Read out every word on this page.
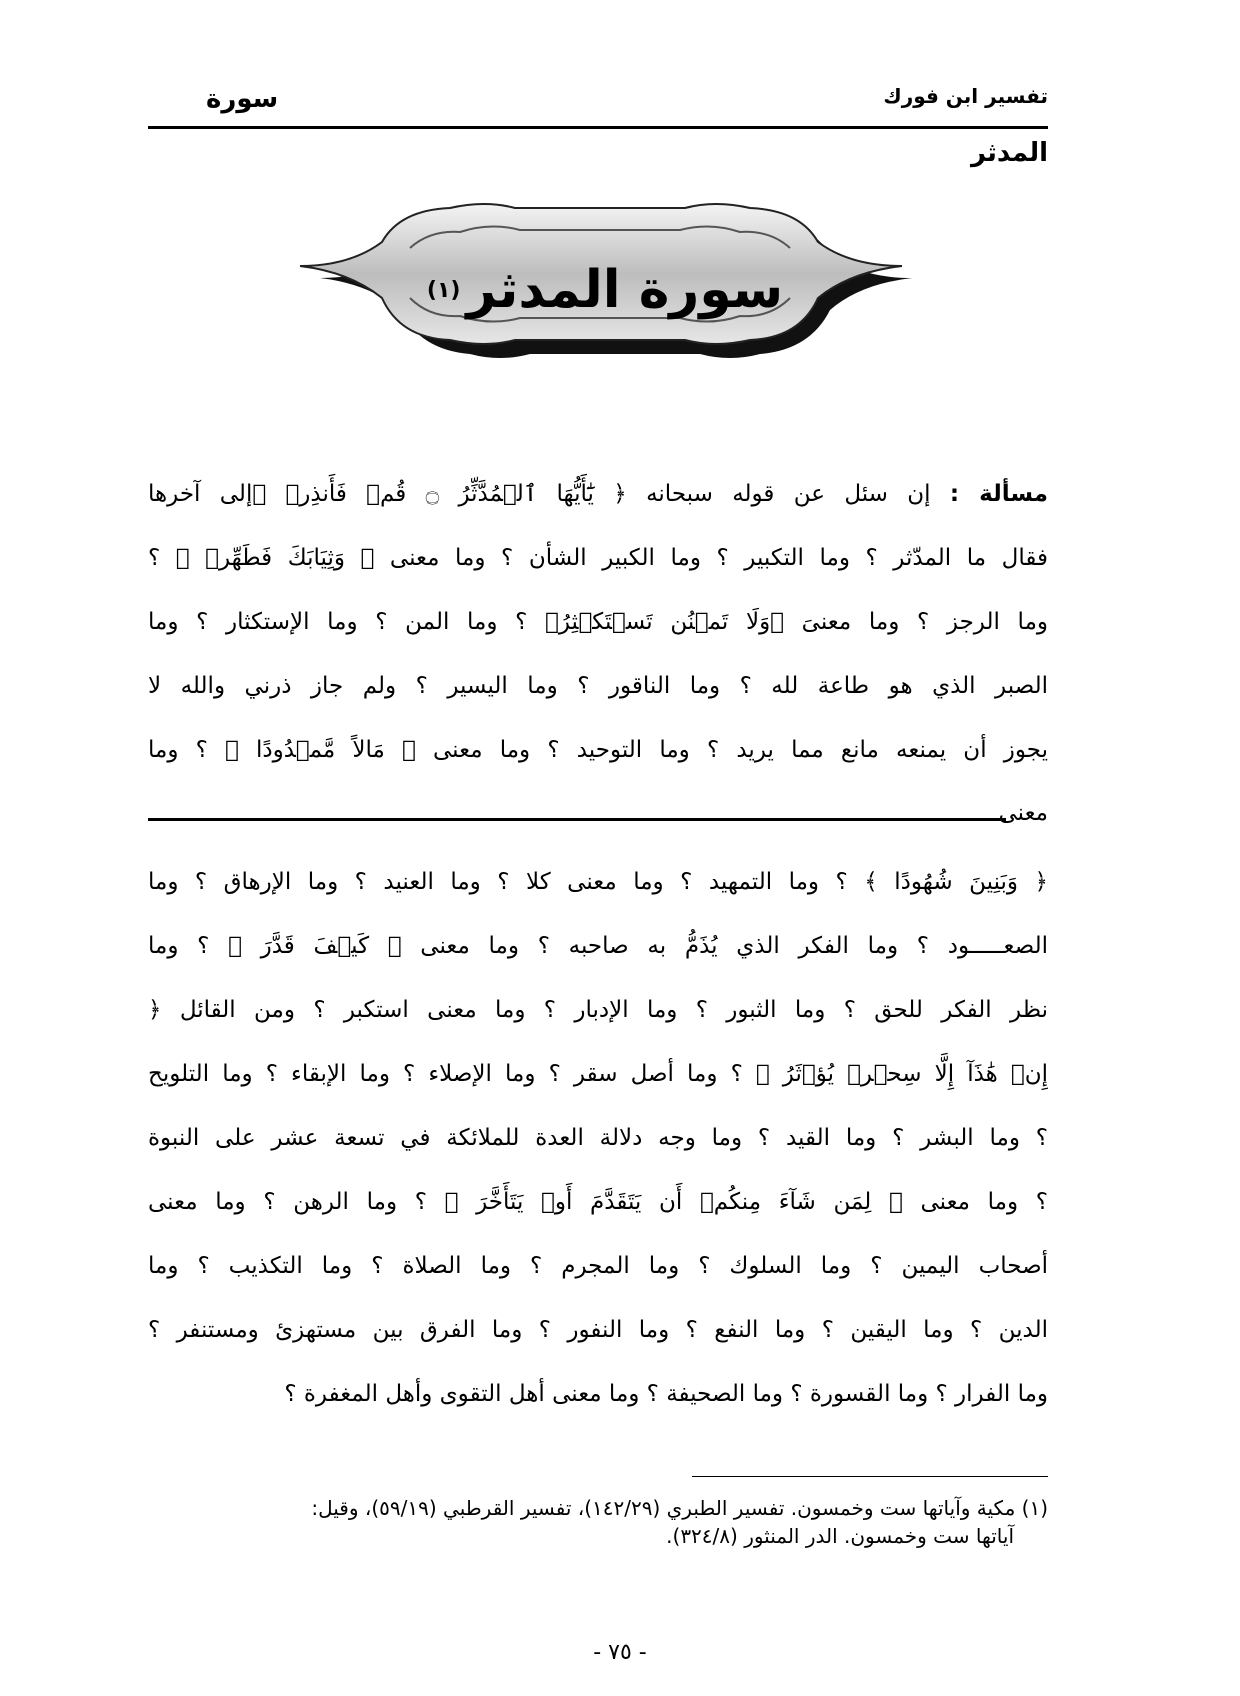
تفسير ابن فورك
سورة
المدثر
سورة المدثر
(١)
مسألة : إن سئل عن قوله سبحانه ﴿ يَٰٓأَيُّهَا ٱلۡمُدَّثِّرُ ۝ قُمۡ فَأَنذِرۡ ﴾إلى آخرها
فقال ما المدّثر ؟ وما التكبير ؟ وما الكبير الشأن ؟ وما معنى ﴿ وَثِيَابَكَ فَطَهِّرۡ ﴾ ؟
وما الرجز ؟ وما معنىَ ﴿وَلَا تَمۡنُن تَسۡتَكۡثِرُ﴾ ؟ وما المن ؟ وما الإستكثار ؟ وما
الصبر الذي هو طاعة لله ؟ وما الناقور ؟ وما اليسير ؟ ولم جاز ذرني والله لا
يجوز أن يمنعه مانع مما يريد ؟ وما التوحيد ؟ وما معنى ﴿ مَالاً مَّمۡدُودًا ﴾ ؟ وما
معنى
﴿ وَبَنِينَ شُهُودًا ﴾ ؟ وما التمهيد ؟ وما معنى كلا ؟ وما العنيد ؟ وما الإرهاق ؟ وما
الصعـــــود ؟ وما الفكر الذي يُذَمُّ به صاحبه ؟ وما معنى ﴿ كَيۡفَ قَدَّرَ ﴾ ؟ وما
نظر الفكر للحق ؟ وما الثبور ؟ وما الإدبار ؟ وما معنى استكبر ؟ ومن القائل ﴿
إِنۡ هَٰذَآ إِلَّا سِحۡرٞ يُؤۡثَرُ ﴾ ؟ وما أصل سقر ؟ وما الإصلاء ؟ وما الإبقاء ؟ وما التلويح
؟ وما البشر ؟ وما القيد ؟ وما وجه دلالة العدة للملائكة في تسعة عشر على النبوة
؟ وما معنى ﴿ لِمَن شَآءَ مِنكُمۡ أَن يَتَقَدَّمَ أَوۡ يَتَأَخَّرَ ﴾ ؟ وما الرهن ؟ وما معنى
أصحاب اليمين ؟ وما السلوك ؟ وما المجرم ؟ وما الصلاة ؟ وما التكذيب ؟ وما
الدين ؟ وما اليقين ؟ وما النفع ؟ وما النفور ؟ وما الفرق بين مستهزئ ومستنفر ؟
وما الفرار ؟ وما القسورة ؟ وما الصحيفة ؟ وما معنى أهل التقوى وأهل المغفرة ؟
(١) مكية وآياتها ست وخمسون. تفسير الطبري (١٤٢/٢٩)، تفسير القرطبي (٥٩/١٩)، وقيل:
آياتها ست وخمسون. الدر المنثور (٣٢٤/٨).
- ٧٥ -
